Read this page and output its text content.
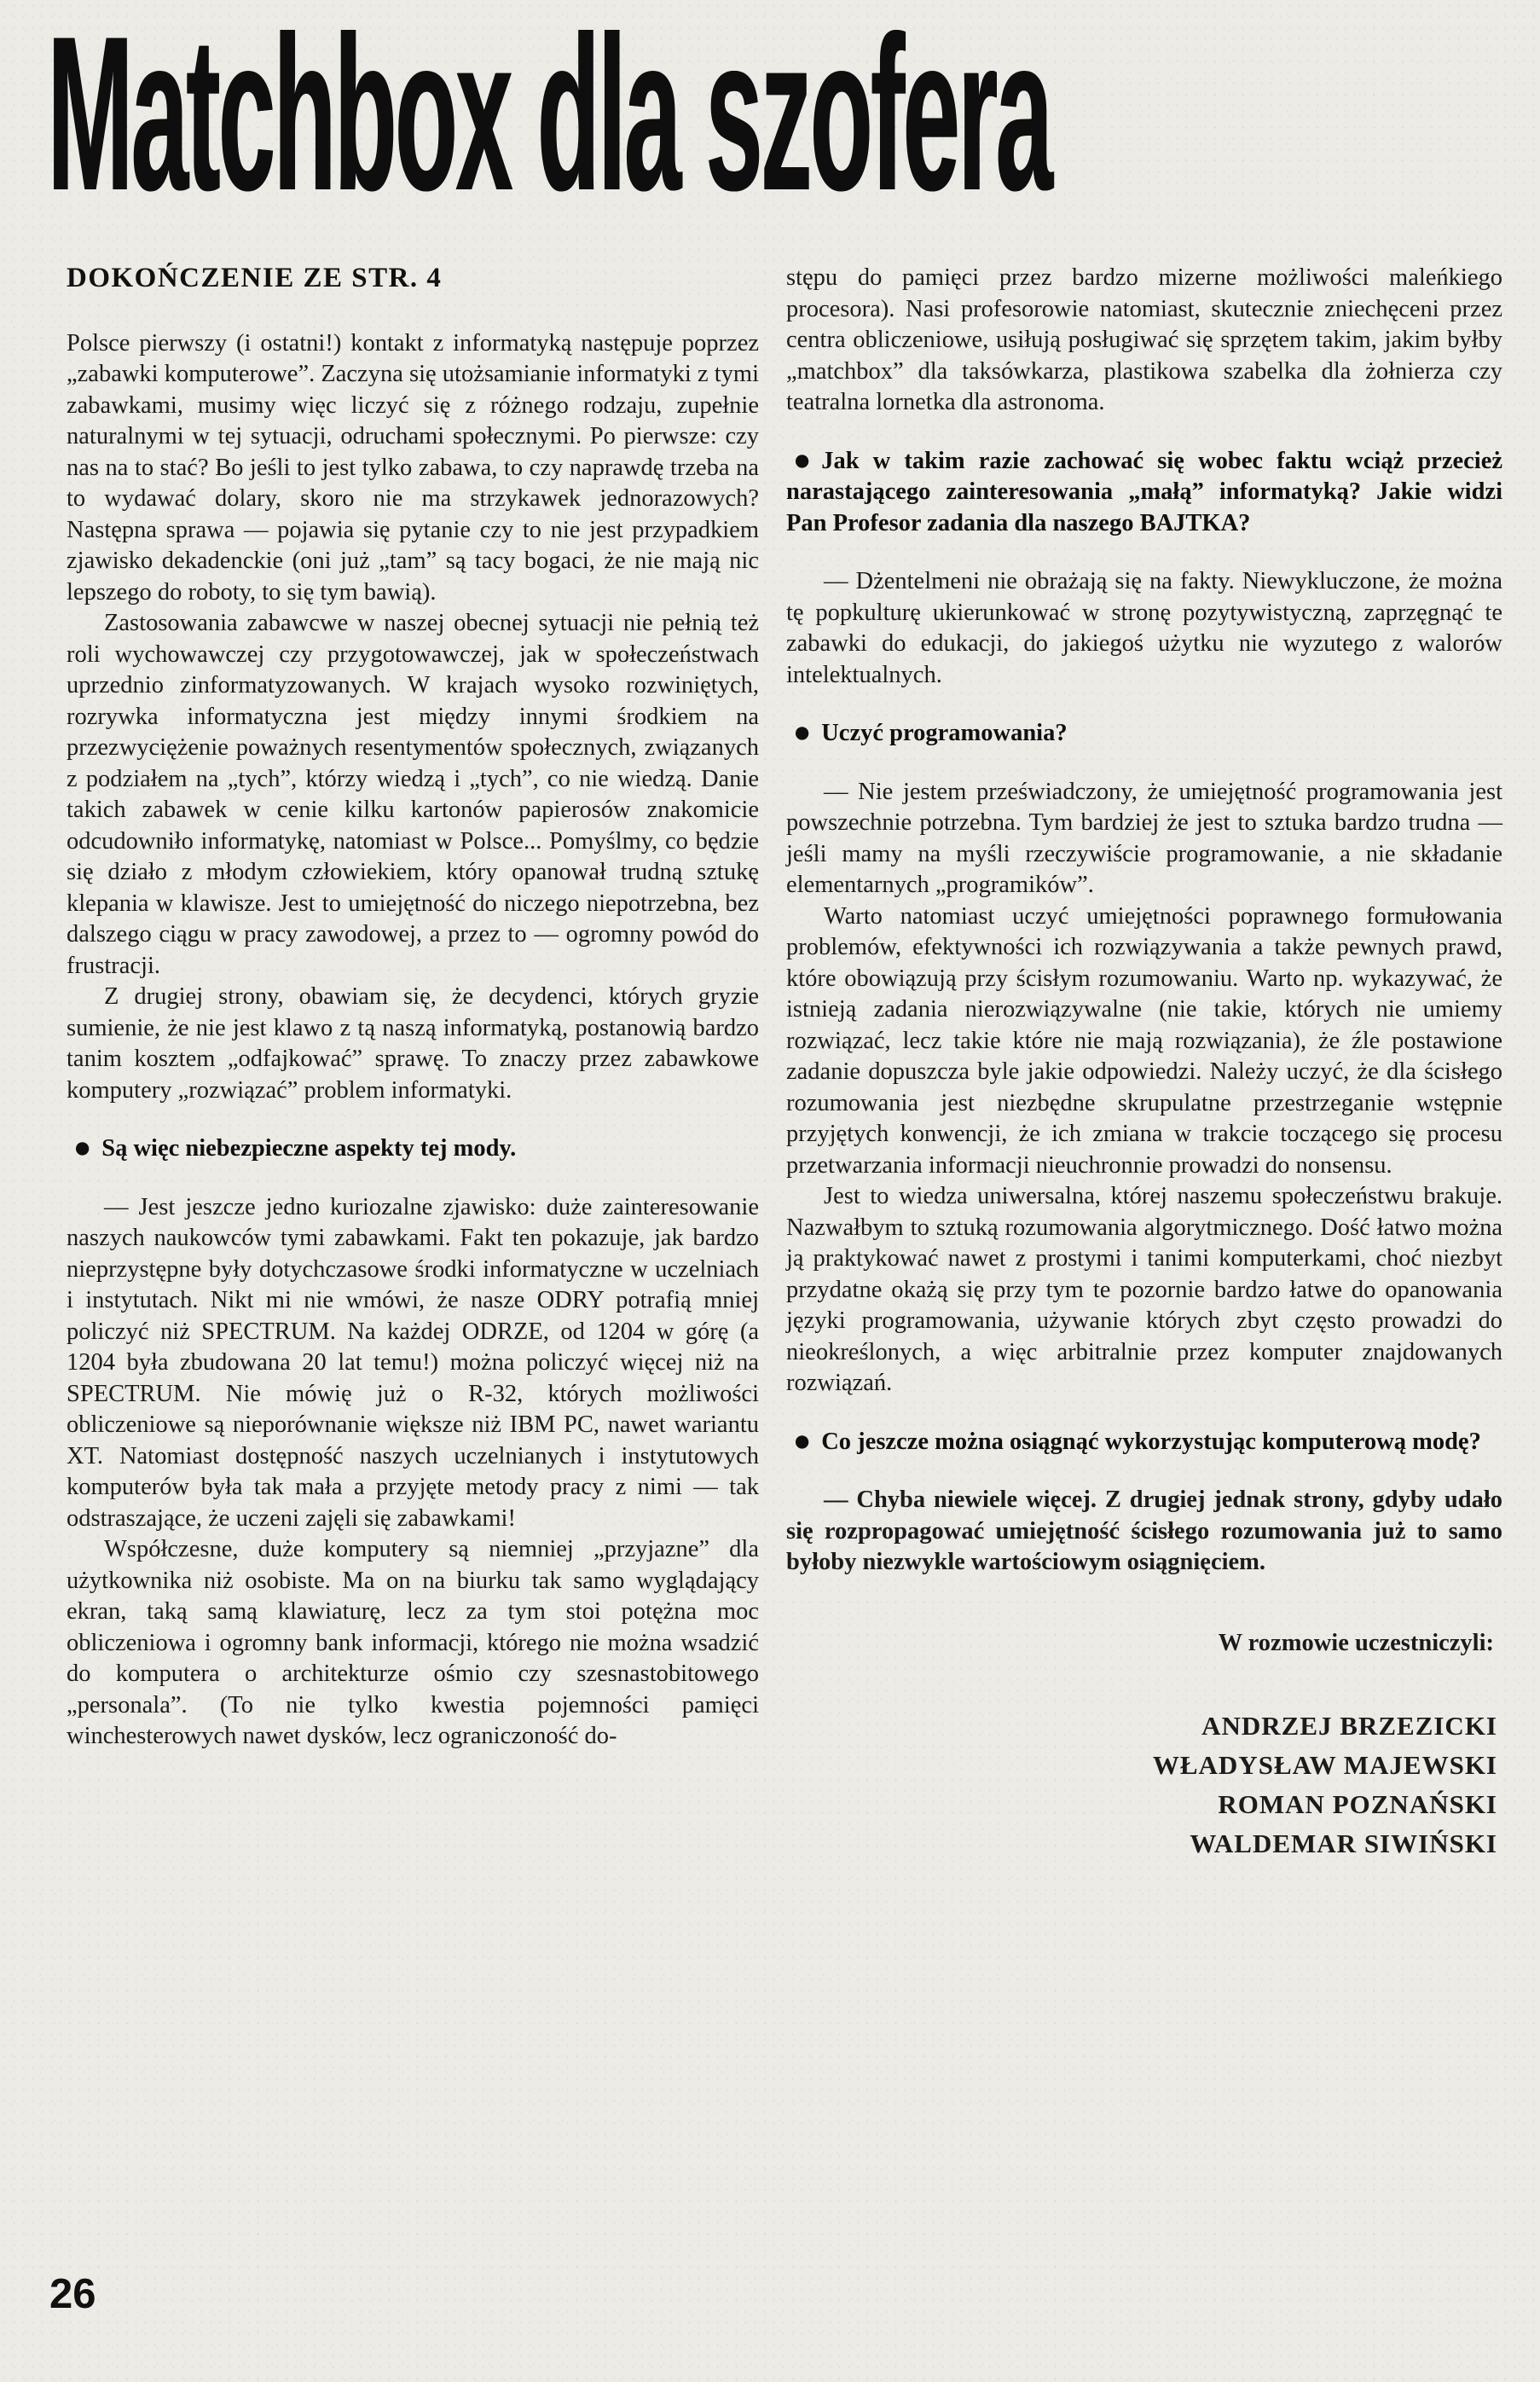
Matchbox dla szofera

DOKOŃCZENIE ZE STR. 4

Polsce pierwszy (i ostatni!) kontakt z informatyką następuje poprzez „zabawki komputerowe”. Zaczyna się utożsamianie informatyki z tymi zabawkami, musimy więc liczyć się z różnego rodzaju, zupełnie naturalnymi w tej sytuacji, odruchami społecznymi. Po pierwsze: czy nas na to stać? Bo jeśli to jest tylko zabawa, to czy naprawdę trzeba na to wydawać dolary, skoro nie ma strzykawek jednorazowych? Następna sprawa — pojawia się pytanie czy to nie jest przypadkiem zjawisko dekadenckie (oni już „tam” są tacy bogaci, że nie mają nic lepszego do roboty, to się tym bawią).

Zastosowania zabawcwe w naszej obecnej sytuacji nie pełnią też roli wychowawczej czy przygotowawczej, jak w społeczeństwach uprzednio zinformatyzowanych. W krajach wysoko rozwiniętych, rozrywka informatyczna jest między innymi środkiem na przezwyciężenie poważnych resentymentów społecznych, związanych z podziałem na „tych”, którzy wiedzą i „tych”, co nie wiedzą. Danie takich zabawek w cenie kilku kartonów papierosów znakomicie odcudowniło informatykę, natomiast w Polsce... Pomyślmy, co będzie się działo z młodym człowiekiem, który opanował trudną sztukę klepania w klawisze. Jest to umiejętność do niczego niepotrzebna, bez dalszego ciągu w pracy zawodowej, a przez to — ogromny powód do frustracji.

Z drugiej strony, obawiam się, że decydenci, których gryzie sumienie, że nie jest klawo z tą naszą informatyką, postanowią bardzo tanim kosztem „odfajkować” sprawę. To znaczy przez zabawkowe komputery „rozwiązać” problem informatyki.

● Są więc niebezpieczne aspekty tej mody.

— Jest jeszcze jedno kuriozalne zjawisko: duże zainteresowanie naszych naukowców tymi zabawkami. Fakt ten pokazuje, jak bardzo nieprzystępne były dotychczasowe środki informatyczne w uczelniach i instytutach. Nikt mi nie wmówi, że nasze ODRY potrafią mniej policzyć niż SPECTRUM. Na każdej ODRZE, od 1204 w górę (a 1204 była zbudowana 20 lat temu!) można policzyć więcej niż na SPECTRUM. Nie mówię już o R-32, których możliwości obliczeniowe są nieporównanie większe niż IBM PC, nawet wariantu XT. Natomiast dostępność naszych uczelnianych i instytutowych komputerów była tak mała a przyjęte metody pracy z nimi — tak odstraszające, że uczeni zajęli się zabawkami!

Współczesne, duże komputery są niemniej „przyjazne” dla użytkownika niż osobiste. Ma on na biurku tak samo wyglądający ekran, taką samą klawiaturę, lecz za tym stoi potężna moc obliczeniowa i ogromny bank informacji, którego nie można wsadzić do komputera o architekturze ośmio czy szesnastobitowego „personala”. (To nie tylko kwestia pojemności pamięci winchesterowych nawet dysków, lecz ograniczoność do-

stępu do pamięci przez bardzo mizerne możliwości maleńkiego procesora). Nasi profesorowie natomiast, skutecznie zniechęceni przez centra obliczeniowe, usiłują posługiwać się sprzętem takim, jakim byłby „matchbox” dla taksówkarza, plastikowa szabelka dla żołnierza czy teatralna lornetka dla astronoma.

● Jak w takim razie zachować się wobec faktu wciąż przecież narastającego zainteresowania „małą” informatyką? Jakie widzi Pan Profesor zadania dla naszego BAJTKA?

— Dżentelmeni nie obrażają się na fakty. Niewykluczone, że można tę popkulturę ukierunkować w stronę pozytywistyczną, zaprzęgnąć te zabawki do edukacji, do jakiegoś użytku nie wyzutego z walorów intelektualnych.

● Uczyć programowania?

— Nie jestem przeświadczony, że umiejętność programowania jest powszechnie potrzebna. Tym bardziej że jest to sztuka bardzo trudna — jeśli mamy na myśli rzeczywiście programowanie, a nie składanie elementarnych „programików”.

Warto natomiast uczyć umiejętności poprawnego formułowania problemów, efektywności ich rozwiązywania a także pewnych prawd, które obowiązują przy ścisłym rozumowaniu. Warto np. wykazywać, że istnieją zadania nierozwiązywalne (nie takie, których nie umiemy rozwiązać, lecz takie które nie mają rozwiązania), że źle postawione zadanie dopuszcza byle jakie odpowiedzi. Należy uczyć, że dla ścisłego rozumowania jest niezbędne skrupulatne przestrzeganie wstępnie przyjętych konwencji, że ich zmiana w trakcie toczącego się procesu przetwarzania informacji nieuchronnie prowadzi do nonsensu.

Jest to wiedza uniwersalna, której naszemu społeczeństwu brakuje. Nazwałbym to sztuką rozumowania algorytmicznego. Dość łatwo można ją praktykować nawet z prostymi i tanimi komputerkami, choć niezbyt przydatne okażą się przy tym te pozornie bardzo łatwe do opanowania języki programowania, używanie których zbyt często prowadzi do nieokreślonych, a więc arbitralnie przez komputer znajdowanych rozwiązań.

● Co jeszcze można osiągnąć wykorzystując komputerową modę?

— Chyba niewiele więcej. Z drugiej jednak strony, gdyby udało się rozpropagować umiejętność ścisłego rozumowania już to samo byłoby niezwykle wartościowym osiągnięciem.

W rozmowie uczestniczyli:

ANDRZEJ BRZEZICKI
WŁADYSŁAW MAJEWSKI
ROMAN POZNAŃSKI
WALDEMAR SIWIŃSKI
26
